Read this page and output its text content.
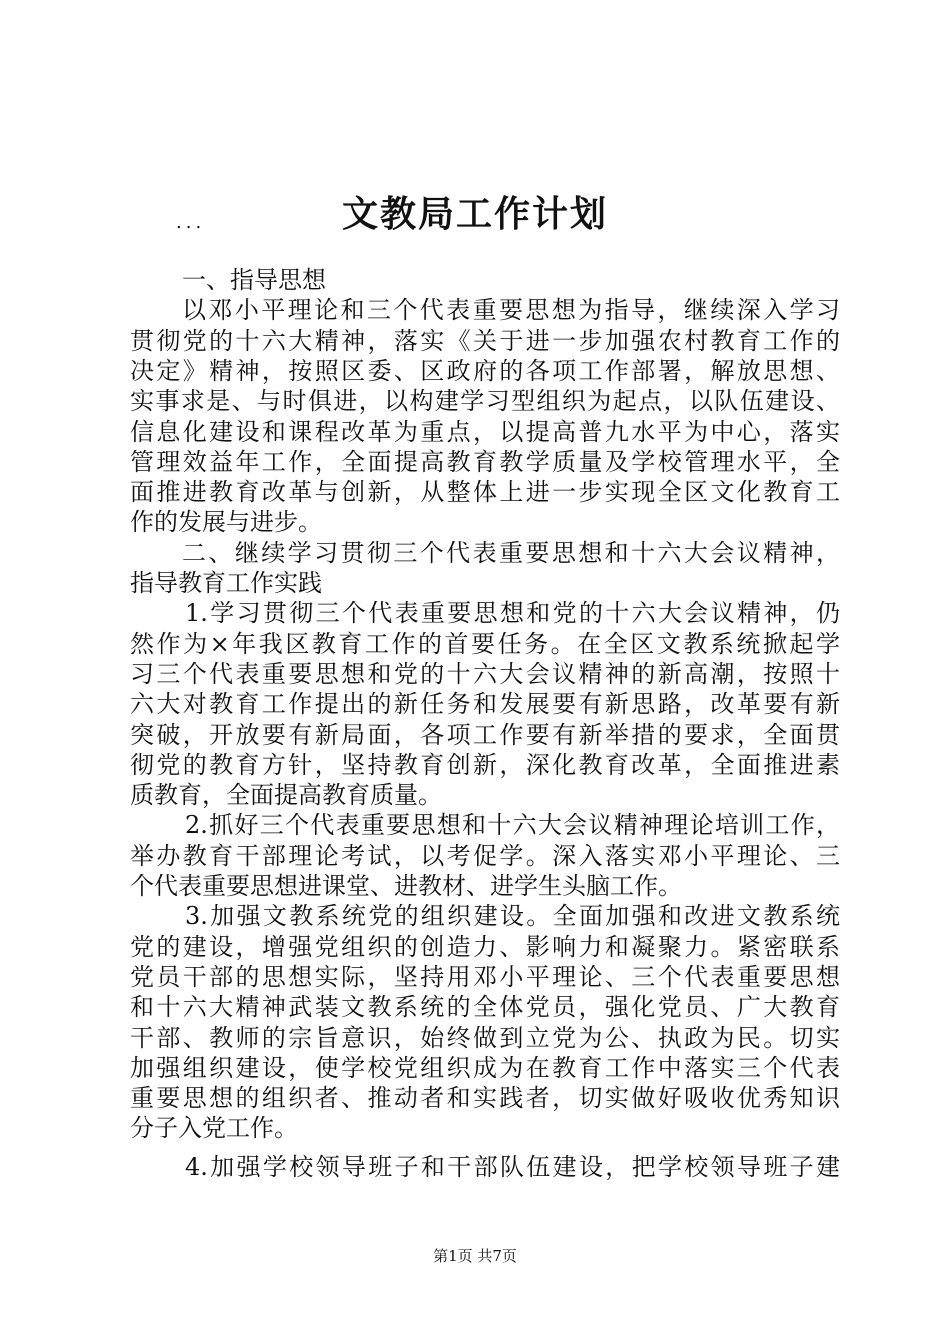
文教局工作计划
...
一、指导思想
以邓小平理论和三个代表重要思想为指导，继续深入学习
贯彻党的十六大精神，落实《关于进一步加强农村教育工作的
决定》精神，按照区委、区政府的各项工作部署，解放思想、
实事求是、与时俱进，以构建学习型组织为起点，以队伍建设、
信息化建设和课程改革为重点，以提高普九水平为中心，落实
管理效益年工作，全面提高教育教学质量及学校管理水平，全
面推进教育改革与创新，从整体上进一步实现全区文化教育工
作的发展与进步。
二、继续学习贯彻三个代表重要思想和十六大会议精神，
指导教育工作实践
1.学习贯彻三个代表重要思想和党的十六大会议精神，仍
然作为×年我区教育工作的首要任务。在全区文教系统掀起学
习三个代表重要思想和党的十六大会议精神的新高潮，按照十
六大对教育工作提出的新任务和发展要有新思路，改革要有新
突破，开放要有新局面，各项工作要有新举措的要求，全面贯
彻党的教育方针，坚持教育创新，深化教育改革，全面推进素
质教育，全面提高教育质量。
2.抓好三个代表重要思想和十六大会议精神理论培训工作，
举办教育干部理论考试，以考促学。深入落实邓小平理论、三
个代表重要思想进课堂、进教材、进学生头脑工作。
3.加强文教系统党的组织建设。全面加强和改进文教系统
党的建设，增强党组织的创造力、影响力和凝聚力。紧密联系
党员干部的思想实际，坚持用邓小平理论、三个代表重要思想
和十六大精神武装文教系统的全体党员，强化党员、广大教育
干部、教师的宗旨意识，始终做到立党为公、执政为民。切实
加强组织建设，使学校党组织成为在教育工作中落实三个代表
重要思想的组织者、推动者和实践者，切实做好吸收优秀知识
分子入党工作。
4.加强学校领导班子和干部队伍建设，把学校领导班子建
第1页 共7页
